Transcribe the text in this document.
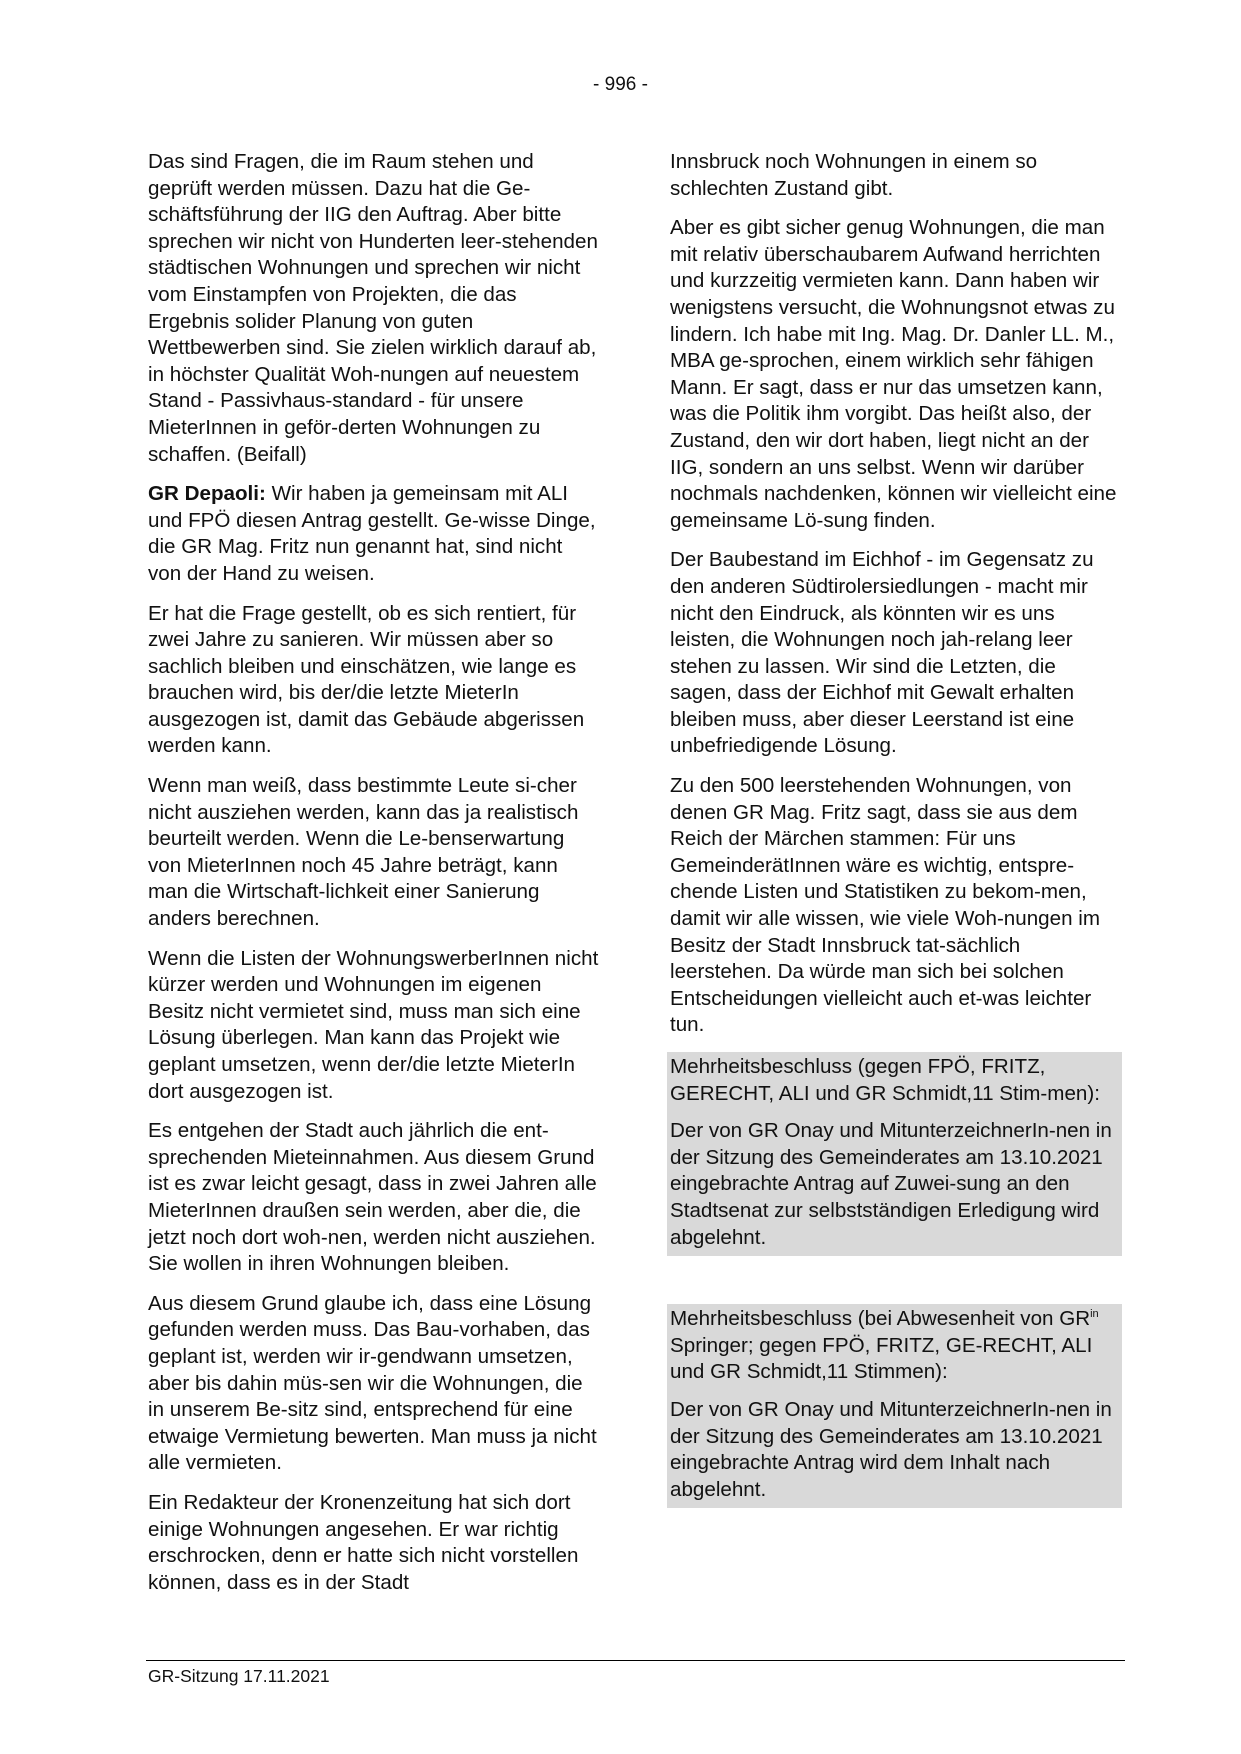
- 996 -

Das sind Fragen, die im Raum stehen und geprüft werden müssen. Dazu hat die Ge-schäftsführung der IIG den Auftrag. Aber bitte sprechen wir nicht von Hunderten leer-stehenden städtischen Wohnungen und sprechen wir nicht vom Einstampfen von Projekten, die das Ergebnis solider Planung von guten Wettbewerben sind. Sie zielen wirklich darauf ab, in höchster Qualität Woh-nungen auf neuestem Stand - Passivhaus-standard - für unsere MieterInnen in geför-derten Wohnungen zu schaffen. (Beifall)

GR Depaoli: Wir haben ja gemeinsam mit ALI und FPÖ diesen Antrag gestellt. Ge-wisse Dinge, die GR Mag. Fritz nun genannt hat, sind nicht von der Hand zu weisen.

Er hat die Frage gestellt, ob es sich rentiert, für zwei Jahre zu sanieren. Wir müssen aber so sachlich bleiben und einschätzen, wie lange es brauchen wird, bis der/die letzte MieterIn ausgezogen ist, damit das Gebäude abgerissen werden kann.

Wenn man weiß, dass bestimmte Leute si-cher nicht ausziehen werden, kann das ja realistisch beurteilt werden. Wenn die Le-benserwartung von MieterInnen noch 45 Jahre beträgt, kann man die Wirtschaft-lichkeit einer Sanierung anders berechnen.

Wenn die Listen der WohnungswerberInnen nicht kürzer werden und Wohnungen im eigenen Besitz nicht vermietet sind, muss man sich eine Lösung überlegen. Man kann das Projekt wie geplant umsetzen, wenn der/die letzte MieterIn dort ausgezogen ist.

Es entgehen der Stadt auch jährlich die ent-sprechenden Mieteinnahmen. Aus diesem Grund ist es zwar leicht gesagt, dass in zwei Jahren alle MieterInnen draußen sein werden, aber die, die jetzt noch dort woh-nen, werden nicht ausziehen. Sie wollen in ihren Wohnungen bleiben.

Aus diesem Grund glaube ich, dass eine Lösung gefunden werden muss. Das Bau-vorhaben, das geplant ist, werden wir ir-gendwann umsetzen, aber bis dahin müs-sen wir die Wohnungen, die in unserem Be-sitz sind, entsprechend für eine etwaige Vermietung bewerten. Man muss ja nicht alle vermieten.

Ein Redakteur der Kronenzeitung hat sich dort einige Wohnungen angesehen. Er war richtig erschrocken, denn er hatte sich nicht vorstellen können, dass es in der Stadt

Innsbruck noch Wohnungen in einem so schlechten Zustand gibt.

Aber es gibt sicher genug Wohnungen, die man mit relativ überschaubarem Aufwand herrichten und kurzzeitig vermieten kann. Dann haben wir wenigstens versucht, die Wohnungsnot etwas zu lindern. Ich habe mit Ing. Mag. Dr. Danler LL. M., MBA ge-sprochen, einem wirklich sehr fähigen Mann. Er sagt, dass er nur das umsetzen kann, was die Politik ihm vorgibt. Das heißt also, der Zustand, den wir dort haben, liegt nicht an der IIG, sondern an uns selbst. Wenn wir darüber nochmals nachdenken, können wir vielleicht eine gemeinsame Lö-sung finden.

Der Baubestand im Eichhof - im Gegensatz zu den anderen Südtirolersiedlungen - macht mir nicht den Eindruck, als könnten wir es uns leisten, die Wohnungen noch jah-relang leer stehen zu lassen. Wir sind die Letzten, die sagen, dass der Eichhof mit Gewalt erhalten bleiben muss, aber dieser Leerstand ist eine unbefriedigende Lösung.

Zu den 500 leerstehenden Wohnungen, von denen GR Mag. Fritz sagt, dass sie aus dem Reich der Märchen stammen: Für uns GemeinderätInnen wäre es wichtig, entspre-chende Listen und Statistiken zu bekom-men, damit wir alle wissen, wie viele Woh-nungen im Besitz der Stadt Innsbruck tat-sächlich leerstehen. Da würde man sich bei solchen Entscheidungen vielleicht auch et-was leichter tun.

Mehrheitsbeschluss (gegen FPÖ, FRITZ, GERECHT, ALI und GR Schmidt,11 Stim-men):

Der von GR Onay und MitunterzeichnerIn-nen in der Sitzung des Gemeinderates am 13.10.2021 eingebrachte Antrag auf Zuwei-sung an den Stadtsenat zur selbstständigen Erledigung wird abgelehnt.

Mehrheitsbeschluss (bei Abwesenheit von $GR^{in}$ Springer; gegen FPÖ, FRITZ, GE-RECHT, ALI und GR Schmidt,11 Stimmen):

Der von GR Onay und MitunterzeichnerIn-nen in der Sitzung des Gemeinderates am 13.10.2021 eingebrachte Antrag wird dem Inhalt nach abgelehnt.

GR-Sitzung 17.11.2021
